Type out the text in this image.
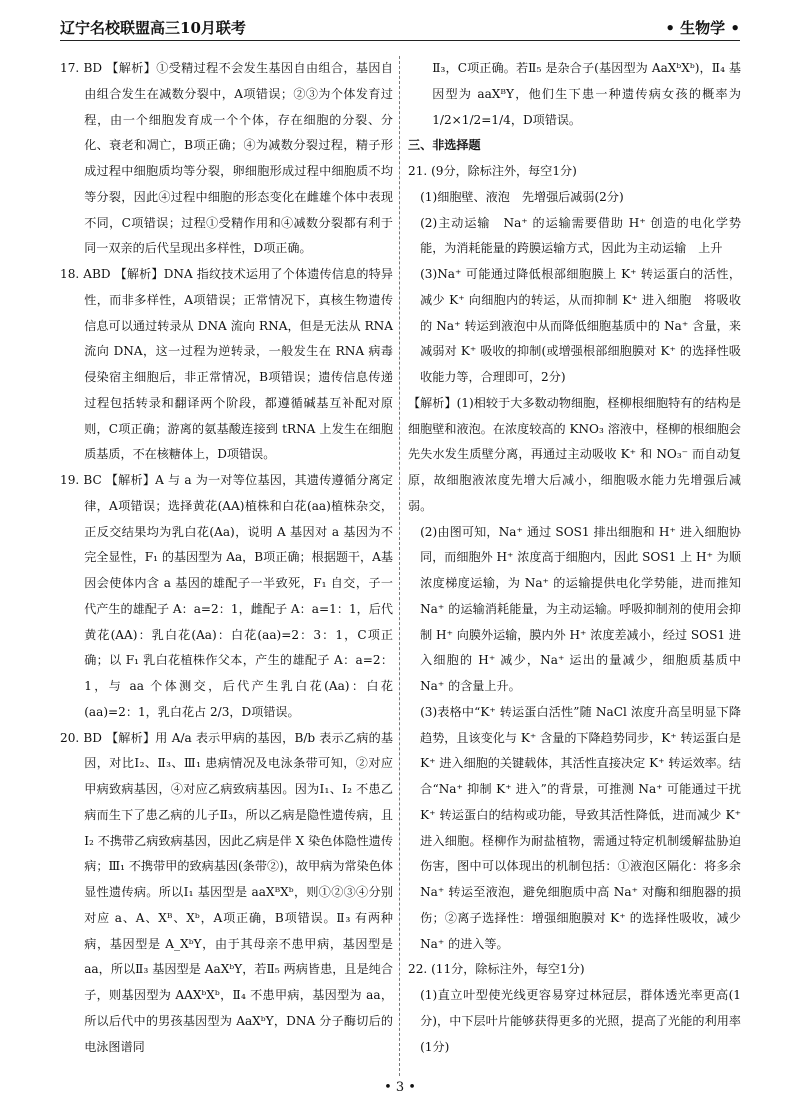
辽宁名校联盟高三10月联考	• 生物学 •

17. BD 【解析】①受精过程不会发生基因自由组合，基因自由组合发生在减数分裂中，A项错误；②③为个体发育过程，由一个细胞发育成一个个体，存在细胞的分裂、分化、衰老和凋亡，B项正确；④为减数分裂过程，精子形成过程中细胞质均等分裂，卵细胞形成过程中细胞质不均等分裂，因此④过程中细胞的形态变化在雌雄个体中表现不同，C项错误；过程①受精作用和④减数分裂都有利于同一双亲的后代呈现出多样性，D项正确。

18. ABD 【解析】DNA 指纹技术运用了个体遗传信息的特异性，而非多样性，A项错误；正常情况下，真核生物遗传信息可以通过转录从 DNA 流向 RNA，但是无法从 RNA 流向 DNA，这一过程为逆转录，一般发生在 RNA 病毒侵染宿主细胞后，非正常情况，B项错误；遗传信息传递过程包括转录和翻译两个阶段，都遵循碱基互补配对原则，C项正确；游离的氨基酸连接到 tRNA 上发生在细胞质基质，不在核糖体上，D项错误。

19. BC 【解析】A 与 a 为一对等位基因，其遗传遵循分离定律，A项错误；选择黄花(AA)植株和白花(aa)植株杂交，正反交结果均为乳白花(Aa)，说明 A 基因对 a 基因为不完全显性，F₁ 的基因型为 Aa，B项正确；根据题干，A基因会使体内含 a 基因的雄配子一半致死，F₁ 自交，子一代产生的雄配子 A：a=2：1，雌配子 A：a=1：1，后代黄花(AA)：乳白花(Aa)：白花(aa)=2：3：1，C项正确；以 F₁ 乳白花植株作父本，产生的雄配子 A：a=2：1，与 aa 个体测交，后代产生乳白花(Aa)：白花(aa)=2：1，乳白花占 2/3，D项错误。

20. BD 【解析】用 A/a 表示甲病的基因，B/b 表示乙病的基因，对比Ⅰ₂、Ⅱ₃、Ⅲ₁ 患病情况及电泳条带可知，②对应甲病致病基因，④对应乙病致病基因。因为Ⅰ₁、Ⅰ₂ 不患乙病而生下了患乙病的儿子Ⅱ₃，所以乙病是隐性遗传病，且Ⅰ₂ 不携带乙病致病基因，因此乙病是伴 X 染色体隐性遗传病；Ⅲ₁ 不携带甲的致病基因(条带②)，故甲病为常染色体显性遗传病。所以Ⅰ₁ 基因型是 aaXᴮXᵇ，则①②③④分别对应 a、A、Xᴮ、Xᵇ，A项正确，B项错误。Ⅱ₃ 有两种病，基因型是 A_XᵇY，由于其母亲不患甲病，基因型是 aa，所以Ⅱ₃ 基因型是 AaXᵇY，若Ⅱ₅ 两病皆患，且是纯合子，则基因型为 AAXᵇXᵇ，Ⅱ₄ 不患甲病，基因型为 aa，所以后代中的男孩基因型为 AaXᵇY，DNA 分子酶切后的电泳图谱同

Ⅱ₃，C项正确。若Ⅱ₅ 是杂合子(基因型为 AaXᵇXᵇ)，Ⅱ₄ 基因型为 aaXᴮY，他们生下患一种遗传病女孩的概率为 1/2×1/2=1/4，D项错误。

三、非选择题

21. (9分，除标注外，每空1分)

(1)细胞壁、液泡　先增强后减弱(2分)

(2)主动运输　Na⁺ 的运输需要借助 H⁺ 创造的电化学势能，为消耗能量的跨膜运输方式，因此为主动运输　上升

(3)Na⁺ 可能通过降低根部细胞膜上 K⁺ 转运蛋白的活性，减少 K⁺ 向细胞内的转运，从而抑制 K⁺ 进入细胞　将吸收的 Na⁺ 转运到液泡中从而降低细胞基质中的 Na⁺ 含量，来减弱对 K⁺ 吸收的抑制(或增强根部细胞膜对 K⁺ 的选择性吸收能力等，合理即可，2分)

【解析】(1)相较于大多数动物细胞，柽柳根细胞特有的结构是细胞壁和液泡。在浓度较高的 KNO₃ 溶液中，柽柳的根细胞会先失水发生质壁分离，再通过主动吸收 K⁺ 和 NO₃⁻ 而自动复原，故细胞液浓度先增大后减小，细胞吸水能力先增强后减弱。

(2)由图可知，Na⁺ 通过 SOS1 排出细胞和 H⁺ 进入细胞协同，而细胞外 H⁺ 浓度高于细胞内，因此 SOS1 上 H⁺ 为顺浓度梯度运输，为 Na⁺ 的运输提供电化学势能，进而推知 Na⁺ 的运输消耗能量，为主动运输。呼吸抑制剂的使用会抑制 H⁺ 向膜外运输，膜内外 H⁺ 浓度差减小，经过 SOS1 进入细胞的 H⁺ 减少，Na⁺ 运出的量减少，细胞质基质中 Na⁺ 的含量上升。

(3)表格中“K⁺ 转运蛋白活性”随 NaCl 浓度升高呈明显下降趋势，且该变化与 K⁺ 含量的下降趋势同步，K⁺ 转运蛋白是 K⁺ 进入细胞的关键载体，其活性直接决定 K⁺ 转运效率。结合“Na⁺ 抑制 K⁺ 进入”的背景，可推测 Na⁺ 可能通过干扰 K⁺ 转运蛋白的结构或功能，导致其活性降低，进而减少 K⁺ 进入细胞。柽柳作为耐盐植物，需通过特定机制缓解盐胁迫伤害，图中可以体现出的机制包括：①液泡区隔化：将多余 Na⁺ 转运至液泡，避免细胞质中高 Na⁺ 对酶和细胞器的损伤；②离子选择性：增强细胞膜对 K⁺ 的选择性吸收，减少 Na⁺ 的进入等。

22. (11分，除标注外，每空1分)

(1)直立叶型使光线更容易穿过林冠层，群体透光率更高(1分)，中下层叶片能够获得更多的光照，提高了光能的利用率(1分)

• 3 •
